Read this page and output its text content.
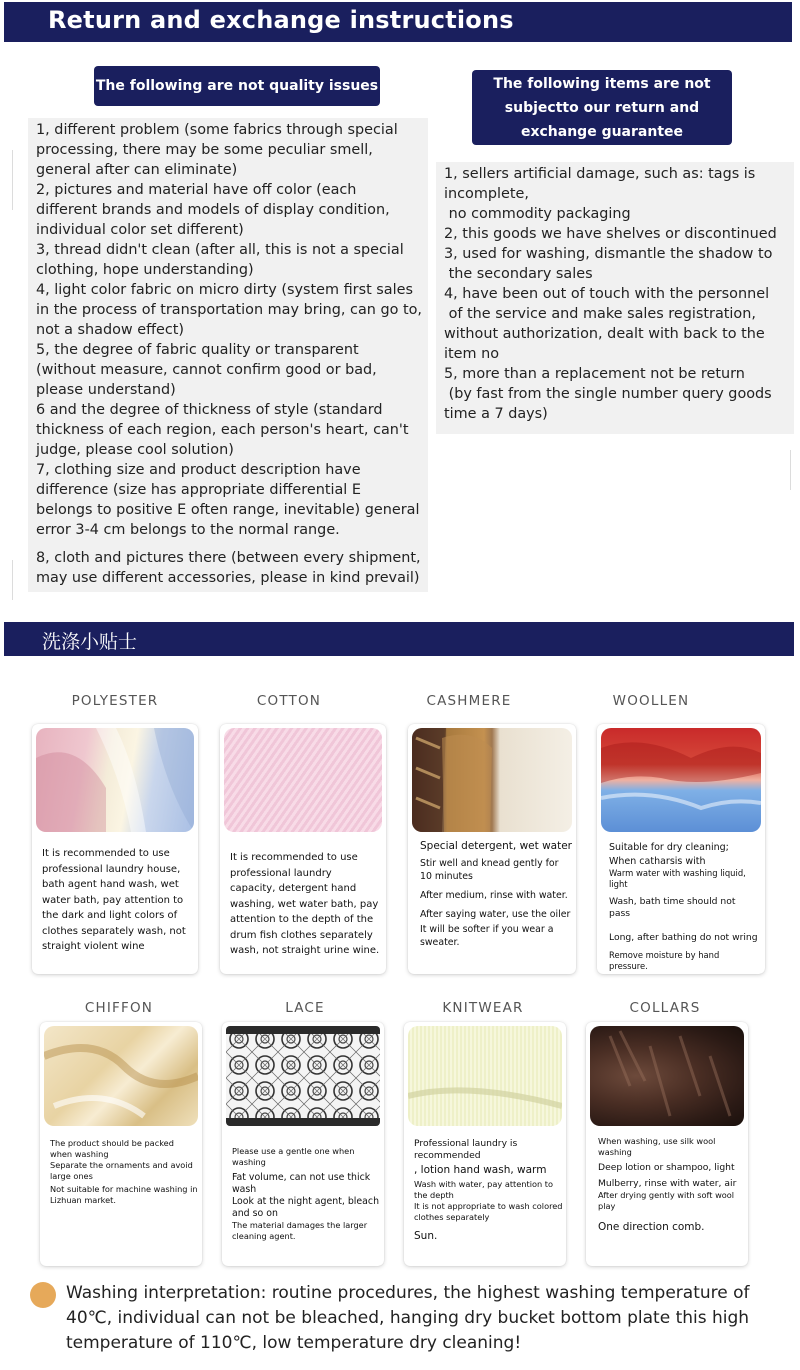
Return and exchange instructions
The following are not quality issues	The following items are not
subjectto our return and
exchange guarantee

1, different problem (some fabrics through special processing, there may be some peculiar smell, general after can eliminate)

2, pictures and material have off color (each different brands and models of display condition, individual color set different)

3, thread didn't clean (after all, this is not a special clothing, hope understanding)

4, light color fabric on micro dirty (system first sales in the process of transportation may bring, can go to, not a shadow effect)

5, the degree of fabric quality or transparent (without measure, cannot confirm good or bad, please understand)

6 and the degree of thickness of style (standard thickness of each region, each person's heart, can't judge, please cool solution)

7, clothing size and product description have difference (size has appropriate differential E belongs to positive E often range, inevitable) general error 3-4 cm belongs to the normal range.

8, cloth and pictures there (between every shipment, may use different accessories, please in kind prevail)

1, sellers artificial damage, such as: tags is incomplete,
no commodity packaging

2, this goods we have shelves or discontinued

3, used for washing, dismantle the shadow to
the secondary sales

4, have been out of touch with the personnel
of the service and make sales registration, without authorization, dealt with back to the item no

5, more than a replacement not be return
(by fast from the single number query goods time a 7 days)

洗涤小贴士
POLYESTER

It is recommended to use professional laundry house, bath agent hand wash, wet water bath, pay attention to the dark and light colors of clothes separately wash, not straight violent wine

COTTON

It is recommended to use professional laundry capacity, detergent hand washing, wet water bath, pay attention to the depth of the drum fish clothes separately wash, not straight urine wine.

CASHMERE

Special detergent, wet water

Stir well and knead gently for 10 minutes

After medium, rinse with water.

After saying water, use the oiler

It will be softer if you wear a sweater.

WOOLLEN

Suitable for dry cleaning;

When catharsis with

Warm water with washing liquid, light

Wash, bath time should not pass

Long, after bathing do not wring

Remove moisture by hand pressure.

CHIFFON

The product should be packed when washing

Separate the ornaments and avoid large ones

Not suitable for machine washing in Lizhuan market.

LACE

Please use a gentle one when washing

Fat volume, can not use thick wash

Look at the night agent, bleach and so on

The material damages the larger cleaning agent.

KNITWEAR

Professional laundry is recommended

, lotion hand wash, warm

Wash with water, pay attention to the depth

It is not appropriate to wash colored clothes separately

Sun.

COLLARS

When washing, use silk wool washing

Deep lotion or shampoo, light

Mulberry, rinse with water, air

After drying gently with soft wool play

One direction comb.

Washing interpretation: routine procedures, the highest washing temperature of 40℃, individual can not be bleached, hanging dry bucket bottom plate this high temperature of 110℃, low temperature dry cleaning!
